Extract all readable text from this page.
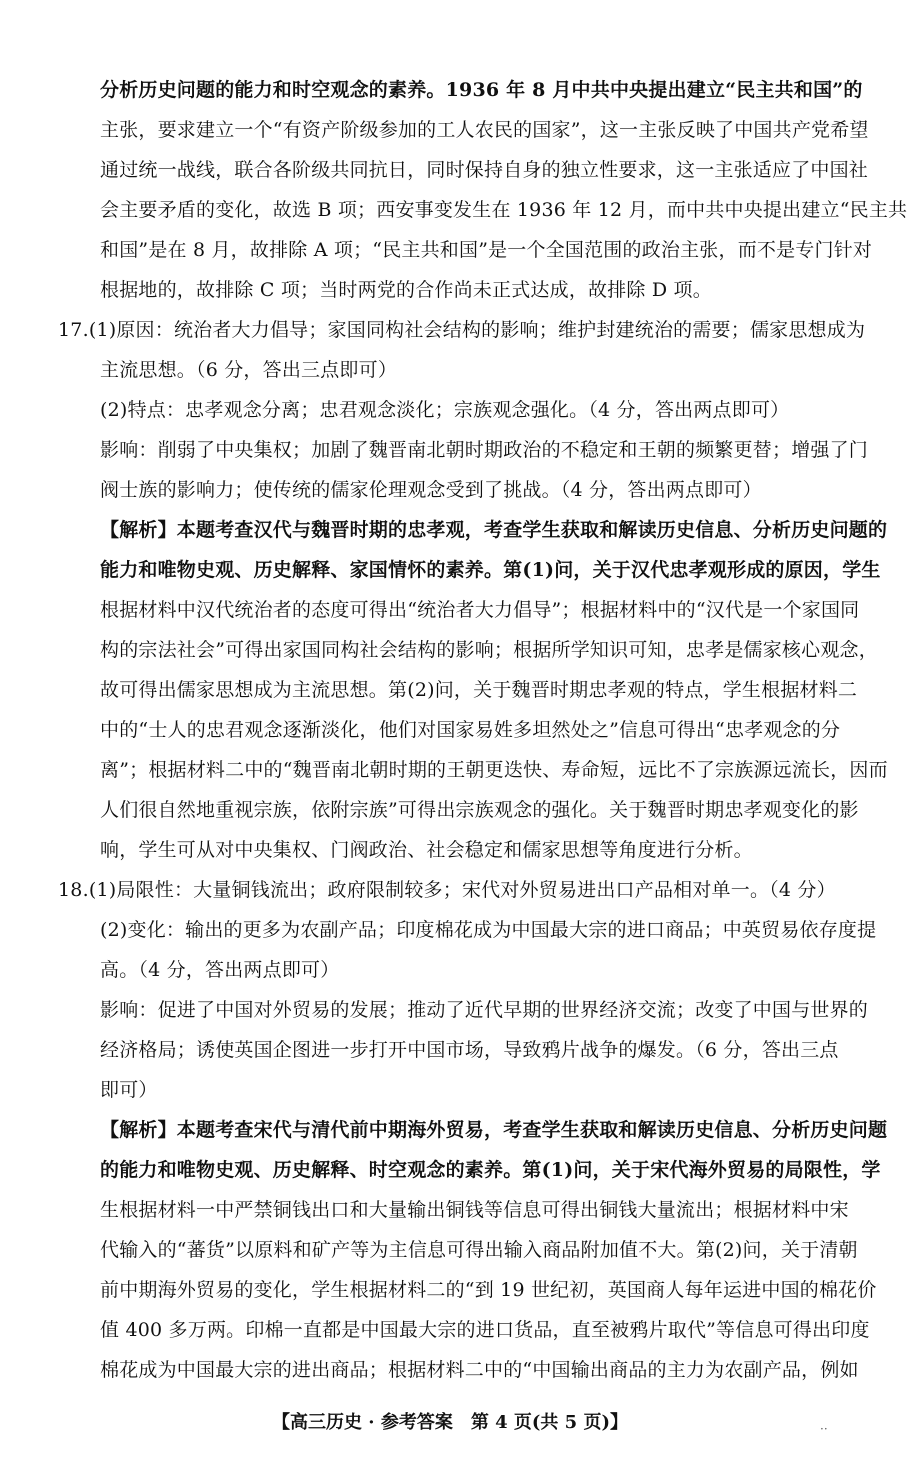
分析历史问题的能力和时空观念的素养。1936 年 8 月中共中央提出建立“民主共和国”的
主张，要求建立一个“有资产阶级参加的工人农民的国家”，这一主张反映了中国共产党希望
通过统一战线，联合各阶级共同抗日，同时保持自身的独立性要求，这一主张适应了中国社
会主要矛盾的变化，故选 B 项；西安事变发生在 1936 年 12 月，而中共中央提出建立“民主共
和国”是在 8 月，故排除 A 项；“民主共和国”是一个全国范围的政治主张，而不是专门针对
根据地的，故排除 C 项；当时两党的合作尚未正式达成，故排除 D 项。
17.(1)原因：统治者大力倡导；家国同构社会结构的影响；维护封建统治的需要；儒家思想成为
主流思想。（6 分，答出三点即可）
(2)特点：忠孝观念分离；忠君观念淡化；宗族观念强化。（4 分，答出两点即可）
影响：削弱了中央集权；加剧了魏晋南北朝时期政治的不稳定和王朝的频繁更替；增强了门
阀士族的影响力；使传统的儒家伦理观念受到了挑战。（4 分，答出两点即可）
【解析】本题考查汉代与魏晋时期的忠孝观，考查学生获取和解读历史信息、分析历史问题的
能力和唯物史观、历史解释、家国情怀的素养。第(1)问，关于汉代忠孝观形成的原因，学生
根据材料中汉代统治者的态度可得出“统治者大力倡导”；根据材料中的“汉代是一个家国同
构的宗法社会”可得出家国同构社会结构的影响；根据所学知识可知，忠孝是儒家核心观念，
故可得出儒家思想成为主流思想。第(2)问，关于魏晋时期忠孝观的特点，学生根据材料二
中的“士人的忠君观念逐渐淡化，他们对国家易姓多坦然处之”信息可得出“忠孝观念的分
离”；根据材料二中的“魏晋南北朝时期的王朝更迭快、寿命短，远比不了宗族源远流长，因而
人们很自然地重视宗族，依附宗族”可得出宗族观念的强化。关于魏晋时期忠孝观变化的影
响，学生可从对中央集权、门阀政治、社会稳定和儒家思想等角度进行分析。
18.(1)局限性：大量铜钱流出；政府限制较多；宋代对外贸易进出口产品相对单一。（4 分）
(2)变化：输出的更多为农副产品；印度棉花成为中国最大宗的进口商品；中英贸易依存度提
高。（4 分，答出两点即可）
影响：促进了中国对外贸易的发展；推动了近代早期的世界经济交流；改变了中国与世界的
经济格局；诱使英国企图进一步打开中国市场，导致鸦片战争的爆发。（6 分，答出三点
即可）
【解析】本题考查宋代与清代前中期海外贸易，考查学生获取和解读历史信息、分析历史问题
的能力和唯物史观、历史解释、时空观念的素养。第(1)问，关于宋代海外贸易的局限性，学
生根据材料一中严禁铜钱出口和大量输出铜钱等信息可得出铜钱大量流出；根据材料中宋
代输入的“蕃货”以原料和矿产等为主信息可得出输入商品附加值不大。第(2)问，关于清朝
前中期海外贸易的变化，学生根据材料二的“到 19 世纪初，英国商人每年运进中国的棉花价
值 400 多万两。印棉一直都是中国最大宗的进口货品，直至被鸦片取代”等信息可得出印度
棉花成为中国最大宗的进出商品；根据材料二中的“中国输出商品的主力为农副产品，例如
【高三历史 · 参考答案　第 4 页(共 5 页)】	··
